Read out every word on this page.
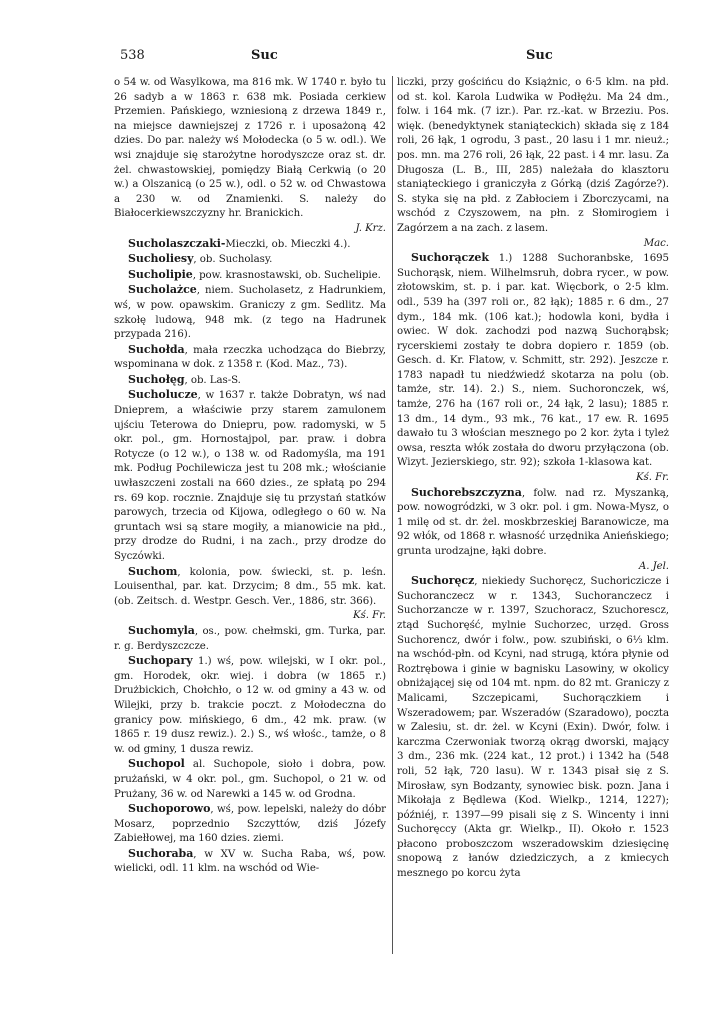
538	Suc	Suc

o 54 w. od Wasylkowa, ma 816 mk. W 1740 r. było tu 26 sadyb a w 1863 r. 638 mk. Posiada cerkiew Przemien. Pańskiego, wzniesioną z drzewa 1849 r., na miejsce dawniejszej z 1726 r. i uposażoną 42 dzies. Do par. należy wś Mołodecka (o 5 w. odl.). We wsi znajduje się starożytne horodyszcze oraz st. dr. żel. chwastowskiej, pomiędzy Białą Cerkwią (o 20 w.) a Olszanicą (o 25 w.), odl. o 52 w. od Chwastowa a 230 w. od Znamienki. S. należy do Białocerkiewszczyzny hr. Branickich.
J. Krz.

Sucholaszczaki-Mieczki, ob. Mieczki 4.).

Sucholiesy, ob. Sucholasy.

Sucholipie, pow. krasnostawski, ob. Suchelipie.

Sucholażce, niem. Sucholasetz, z Hadrunkiem, wś, w pow. opawskim. Graniczy z gm. Sedlitz. Ma szkołę ludową, 948 mk. (z tego na Hadrunek przypada 216).

Suchołda, mała rzeczka uchodząca do Biebrzy, wspominana w dok. z 1358 r. (Kod. Maz., 73).

Suchołęg, ob. Las-S.

Sucholucze, w 1637 r. także Dobratyn, wś nad Dnieprem, a właściwie przy starem zamulonem ujściu Teterowa do Dniepru, pow. radomyski, w 5 okr. pol., gm. Hornostajpol, par. praw. i dobra Rotycze (o 12 w.), o 138 w. od Radomyśla, ma 191 mk. Podług Pochilewicza jest tu 208 mk.; włościanie uwłaszczeni zostali na 660 dzies., ze spłatą po 294 rs. 69 kop. rocznie. Znajduje się tu przystań statków parowych, trzecia od Kijowa, odległego o 60 w. Na gruntach wsi są stare mogiły, a mianowicie na płd., przy drodze do Rudni, i na zach., przy drodze do Syczówki.

Suchom, kolonia, pow. świecki, st. p. leśn. Louisenthal, par. kat. Drzycim; 8 dm., 55 mk. kat. (ob. Zeitsch. d. Westpr. Gesch. Ver., 1886, str. 366).
Kś. Fr.

Suchomyla, os., pow. chełmski, gm. Turka, par. r. g. Berdyszczcze.

Suchopary 1.) wś, pow. wilejski, w I okr. pol., gm. Horodek, okr. wiej. i dobra (w 1865 r.) Drużbickich, Chołchło, o 12 w. od gminy a 43 w. od Wilejki, przy b. trakcie poczt. z Mołodeczna do granicy pow. mińskiego, 6 dm., 42 mk. praw. (w 1865 r. 19 dusz rewiz.). 2.) S., wś włośc., tamże, o 8 w. od gminy, 1 dusza rewiz.

Suchopol al. Suchopole, sioło i dobra, pow. prużański, w 4 okr. pol., gm. Suchopol, o 21 w. od Prużany, 36 w. od Narewki a 145 w. od Grodna.

Suchoporowo, wś, pow. lepelski, należy do dóbr Mosarz, poprzednio Szczyttów, dziś Józefy Zabiełłowej, ma 160 dzies. ziemi.

Suchoraba, w XV w. Sucha Raba, wś, pow. wielicki, odl. 11 klm. na wschód od Wie-

liczki, przy gościńcu do Książnic, o 6·5 klm. na płd. od st. kol. Karola Ludwika w Podłężu. Ma 24 dm., folw. i 164 mk. (7 izr.). Par. rz.-kat. w Brzeziu. Pos. więk. (benedyktynek staniąteckich) składa się z 184 roli, 26 łąk, 1 ogrodu, 3 past., 20 lasu i 1 mr. nieuż.; pos. mn. ma 276 roli, 26 łąk, 22 past. i 4 mr. lasu. Za Długosza (L. B., III, 285) należała do klasztoru staniąteckiego i graniczyła z Górką (dziś Zagórze?). S. styka się na płd. z Zabłociem i Zborczycami, na wschód z Czyszowem, na płn. z Słomirogiem i Zagórzem a na zach. z lasem.
Mac.

Suchorączek 1.) 1288 Suchoranbske, 1695 Suchorąsk, niem. Wilhelmsruh, dobra rycer., w pow. złotowskim, st. p. i par. kat. Więcbork, o 2·5 klm. odl., 539 ha (397 roli or., 82 łąk); 1885 r. 6 dm., 27 dym., 184 mk. (106 kat.); hodowla koni, bydła i owiec. W dok. zachodzi pod nazwą Suchorąbsk; rycerskiemi zostały te dobra dopiero r. 1859 (ob. Gesch. d. Kr. Flatow, v. Schmitt, str. 292). Jeszcze r. 1783 napadł tu niedźwiedź skotarza na polu (ob. tamże, str. 14). 2.) S., niem. Suchoronczek, wś, tamże, 276 ha (167 roli or., 24 łąk, 2 lasu); 1885 r. 13 dm., 14 dym., 93 mk., 76 kat., 17 ew. R. 1695 dawało tu 3 włościan mesznego po 2 kor. żyta i tyleż owsa, reszta włók została do dworu przyłączona (ob. Wizyt. Jezierskiego, str. 92); szkoła 1-klasowa kat.
Kś. Fr.

Suchorebszczyzna, folw. nad rz. Myszanką, pow. nowogródzki, w 3 okr. pol. i gm. Nowa-Mysz, o 1 milę od st. dr. żel. moskbrzeskiej Baranowicze, ma 92 włók, od 1868 r. własność urzędnika Anieńskiego; grunta urodzajne, łąki dobre.
A. Jel.

Suchoręcz, niekiedy Suchoręcz, Suchoriczicze i Suchoranczecz w r. 1343, Suchoranczecz i Suchorzancze w r. 1397, Szuchoracz, Szuchorescz, ztąd Suchoręść, mylnie Suchorzec, urzęd. Gross Suchorencz, dwór i folw., pow. szubiński, o 6⅓ klm. na wschód-płn. od Kcyni, nad strugą, która płynie od Roztrębowa i ginie w bagnisku Lasowiny, w okolicy obniżającej się od 104 mt. npm. do 82 mt. Graniczy z Malicami, Szczepicami, Suchorączkiem i Wszeradowem; par. Wszeradów (Szaradowo), poczta w Zalesiu, st. dr. żel. w Kcyni (Exin). Dwór, folw. i karczma Czerwoniak tworzą okrąg dworski, mający 3 dm., 236 mk. (224 kat., 12 prot.) i 1342 ha (548 roli, 52 łąk, 720 lasu). W r. 1343 pisał się z S. Mirosław, syn Bodzanty, synowiec bisk. pozn. Jana i Mikołaja z Będlewa (Kod. Wielkp., 1214, 1227); późniéj, r. 1397—99 pisali się z S. Wincenty i inni Suchoręccy (Akta gr. Wielkp., II). Około r. 1523 płacono proboszczom wszeradowskim dziesięcinę snopową z łanów dziedziczych, a z kmiecych mesznego po korcu żyta
